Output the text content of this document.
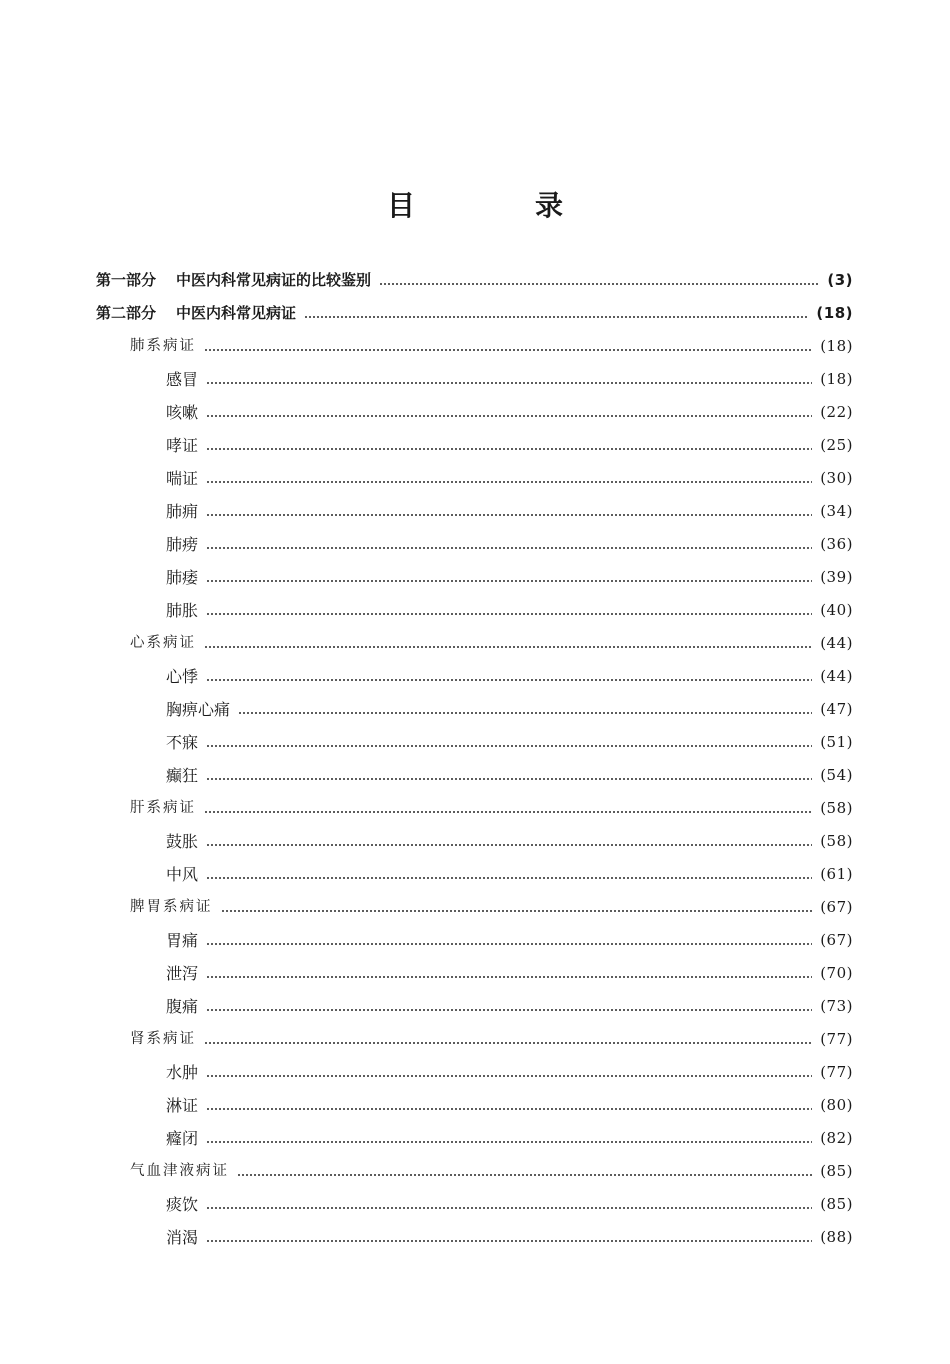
目　录
第一部分 中医内科常见病证的比较鉴别	(3)
第二部分 中医内科常见病证	(18)
肺系病证	(18)
感冒	(18)
咳嗽	(22)
哮证	(25)
喘证	(30)
肺痈	(34)
肺痨	(36)
肺痿	(39)
肺胀	(40)
心系病证	(44)
心悸	(44)
胸痹心痛	(47)
不寐	(51)
癫狂	(54)
肝系病证	(58)
鼓胀	(58)
中风	(61)
脾胃系病证	(67)
胃痛	(67)
泄泻	(70)
腹痛	(73)
肾系病证	(77)
水肿	(77)
淋证	(80)
癃闭	(82)
气血津液病证	(85)
痰饮	(85)
消渴	(88)
